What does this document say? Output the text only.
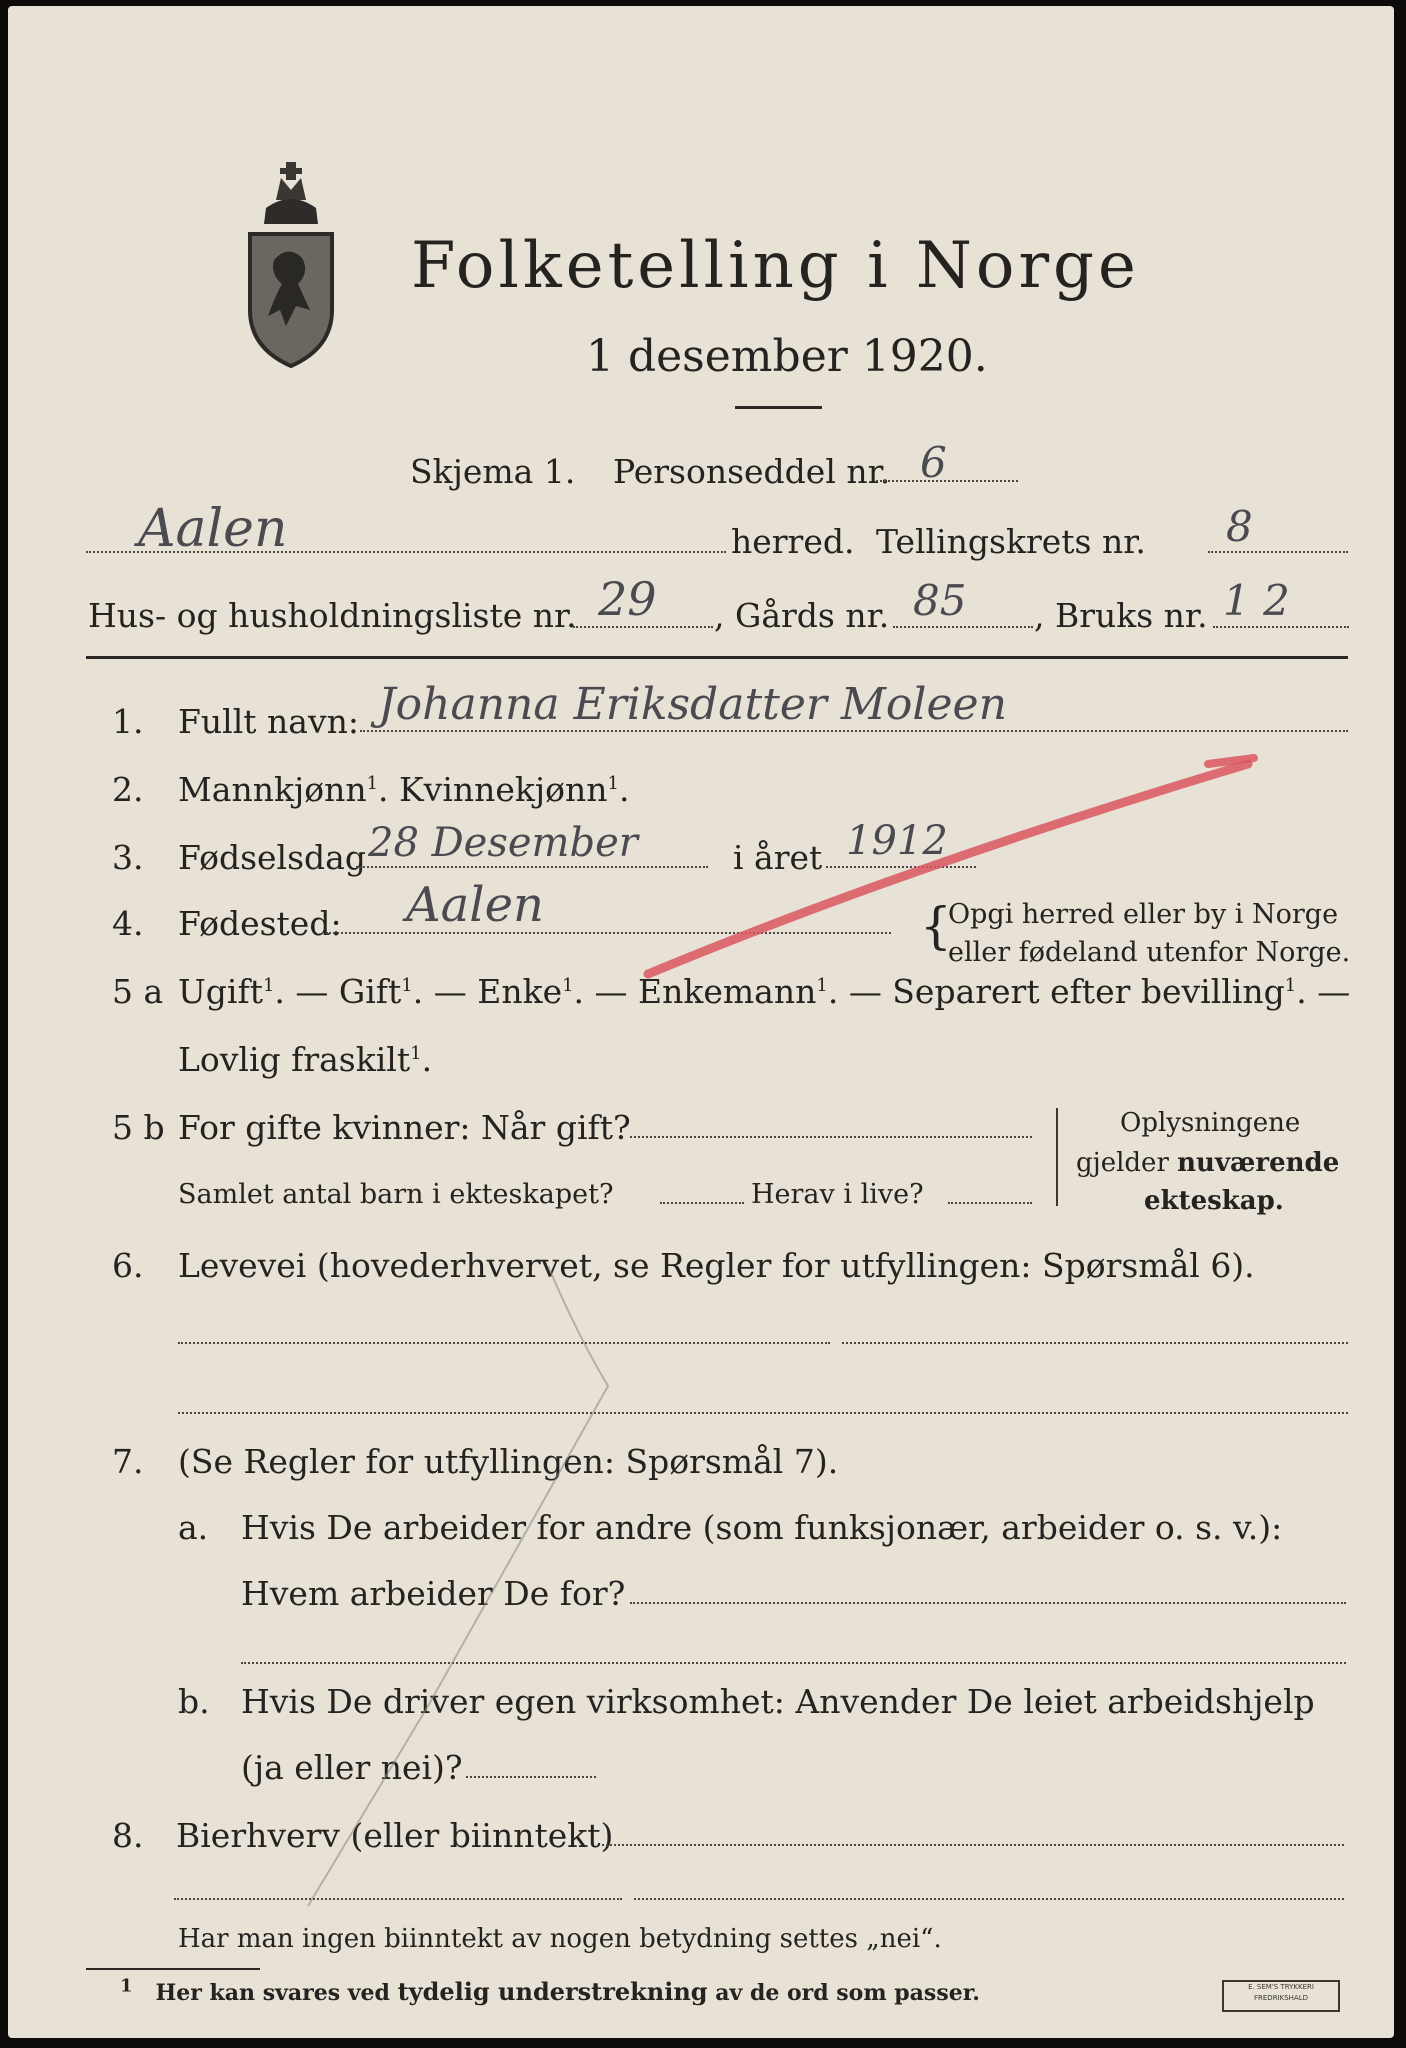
Folketelling i Norge
1 desember 1920.
Skjema 1. Personseddel nr. 6
Aalen	herred. Tellingskrets nr. 8
Hus- og husholdningsliste nr. 29 , Gårds nr. 85 , Bruks nr. 1 2
1. Fullt navn: Johanna Eriksdatter Moleen
2. Mannkjønn$^1$. Kvinnekjønn$^1$.
3. Fødselsdag 28 Desember	i året 1912
4. Fødested: Aalen	{
Opgi herred eller by i Norge
eller fødeland utenfor Norge.
5 a Ugift$^1$. — Gift$^1$. — Enke$^1$. — Enkemann$^1$. — Separert efter bevilling$^1$. —
Lovlig fraskilt$^1$.
5 b For gifte kvinner: Når gift?
Samlet antal barn i ekteskapet?	Herav i live?
Oplysningene
gjelder nuværende
ekteskap.
6. Levevei (hovederhvervet, se Regler for utfyllingen: Spørsmål 6).
7. (Se Regler for utfyllingen: Spørsmål 7).
a. Hvis De arbeider for andre (som funksjonær, arbeider o. s. v.):
Hvem arbeider De for?
b. Hvis De driver egen virksomhet: Anvender De leiet arbeidshjelp
(ja eller nei)?
8. Bierhverv (eller biinntekt)
Har man ingen biinntekt av nogen betydning settes „nei“.
$^1$ Her kan svares ved tydelig understrekning av de ord som passer.	E. SEM'S TRYKKERI
FREDRIKSHALD
